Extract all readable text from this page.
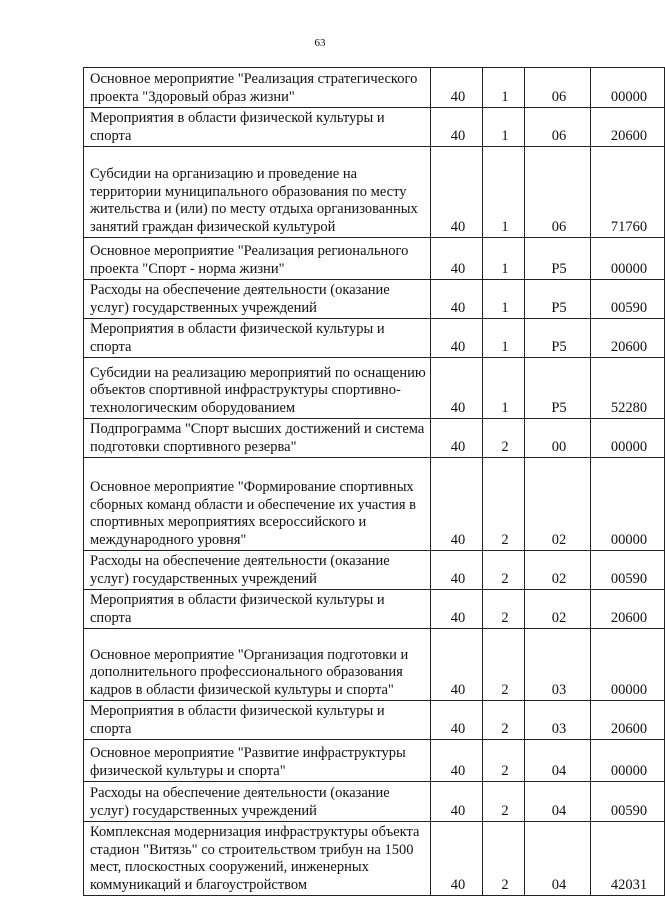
63
Основное мероприятие "Реализация стратегического проекта "Здоровый образ жизни"	40	1	06	00000
Мероприятия в области физической культуры и спорта	40	1	06	20600
Субсидии на организацию и проведение на территории муниципального образования по месту жительства и (или) по месту отдыха организованных занятий граждан физической культурой	40	1	06	71760
Основное мероприятие "Реализация регионального проекта "Спорт - норма жизни"	40	1	P5	00000
Расходы на обеспечение деятельности (оказание услуг) государственных учреждений	40	1	P5	00590
Мероприятия в области физической культуры и спорта	40	1	P5	20600
Субсидии на реализацию мероприятий по оснащению объектов спортивной инфраструктуры спортивно-технологическим оборудованием	40	1	P5	52280
Подпрограмма "Спорт высших достижений и система подготовки спортивного резерва"	40	2	00	00000
Основное мероприятие "Формирование спортивных сборных команд области и обеспечение их участия в спортивных мероприятиях всероссийского и международного уровня"	40	2	02	00000
Расходы на обеспечение деятельности (оказание услуг) государственных учреждений	40	2	02	00590
Мероприятия в области физической культуры и спорта	40	2	02	20600
Основное мероприятие "Организация подготовки и дополнительного профессионального образования кадров в области физической культуры и спорта"	40	2	03	00000
Мероприятия в области физической культуры и спорта	40	2	03	20600
Основное мероприятие "Развитие инфраструктуры физической культуры и спорта"	40	2	04	00000
Расходы на обеспечение деятельности (оказание услуг) государственных учреждений	40	2	04	00590
Комплексная модернизация инфраструктуры объекта стадион "Витязь" со строительством трибун на 1500 мест, плоскостных сооружений, инженерных коммуникаций и благоустройством	40	2	04	42031
